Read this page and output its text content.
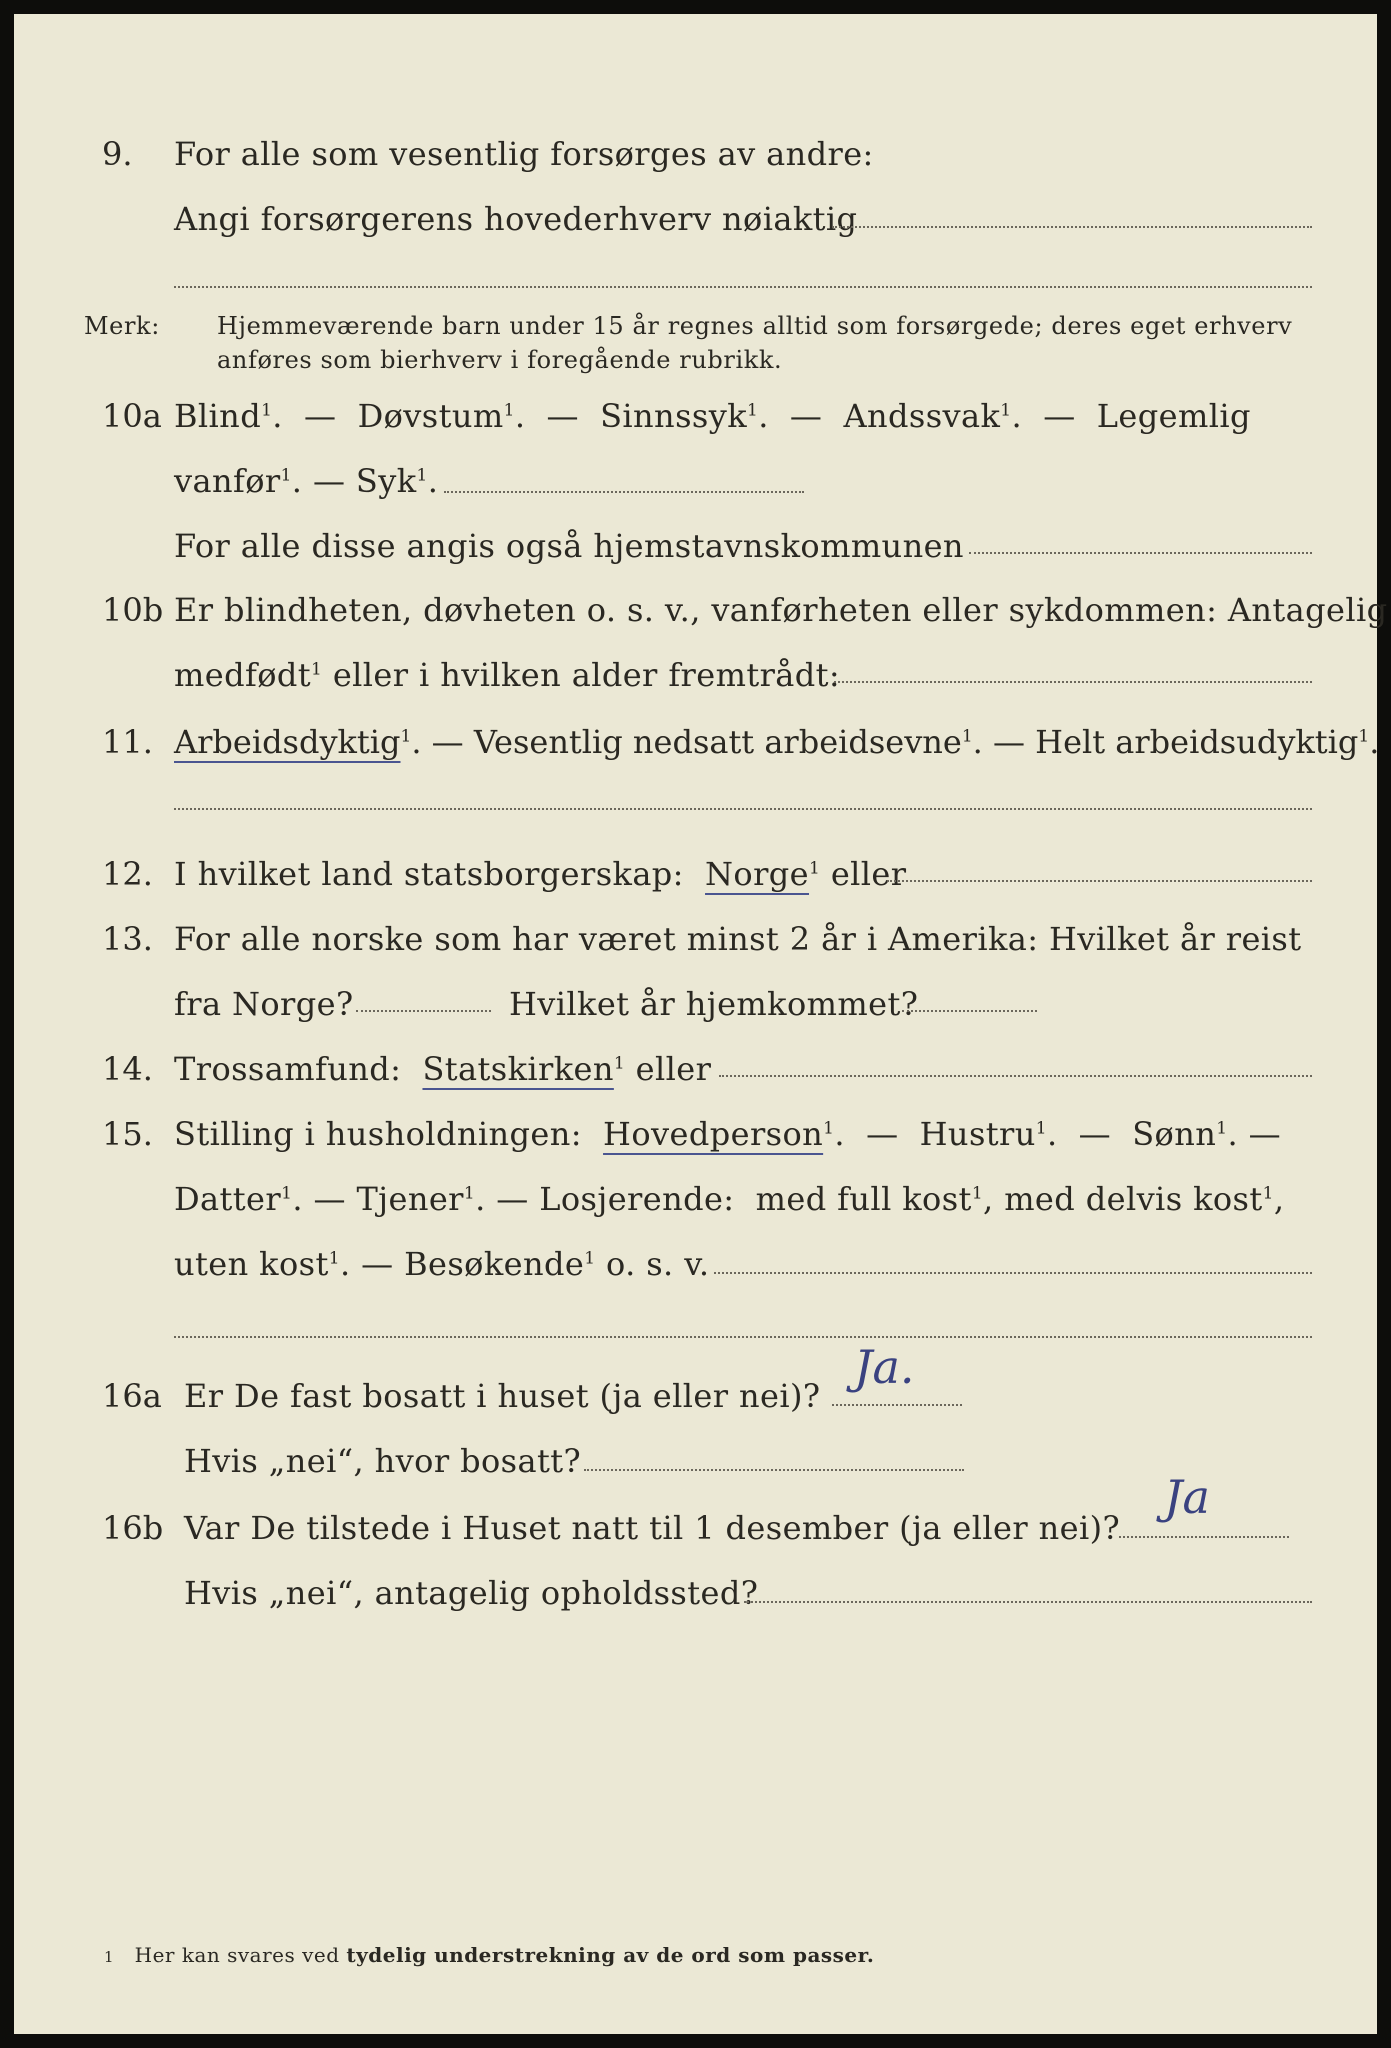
9. For alle som vesentlig forsørges av andre:
Angi forsørgerens hovederhverv nøiaktig
Merk: Hjemmeværende barn under 15 år regnes alltid som forsørgede; deres eget erhverv
anføres som bierhverv i foregående rubrikk.
10a Blind$^1$.  —  Døvstum$^1$.  —  Sinnssyk$^1$.  —  Andssvak$^1$.  —  Legemlig
vanfør$^1$. — Syk$^1$.
For alle disse angis også hjemstavnskommunen
10b Er blindheten, døvheten o. s. v., vanførheten eller sykdommen: Antagelig
medfødt$^1$ eller i hvilken alder fremtrådt:
11. Arbeidsdyktig$^1$. — Vesentlig nedsatt arbeidsevne$^1$. — Helt arbeidsudyktig$^1$.
12. I hvilket land statsborgerskap: Norge$^1$ eller
13. For alle norske som har været minst 2 år i Amerika: Hvilket år reist
fra Norge?	Hvilket år hjemkommet?
14. Trossamfund: Statskirken$^1$ eller
15. Stilling i husholdningen: Hovedperson$^1$.  —  Hustru$^1$.  —  Sønn$^1$. —
Datter$^1$. — Tjener$^1$. — Losjerende: med full kost$^1$, med delvis kost$^1$,
uten kost$^1$. — Besøkende$^1$ o. s. v.
16a Er De fast bosatt i huset (ja eller nei)?
Ja.
Hvis „nei“, hvor bosatt?
16b Var De tilstede i Huset natt til 1 desember (ja eller nei)?
Ja
Hvis „nei“, antagelig opholdssted?
1 Her kan svares ved tydelig understrekning av de ord som passer.
